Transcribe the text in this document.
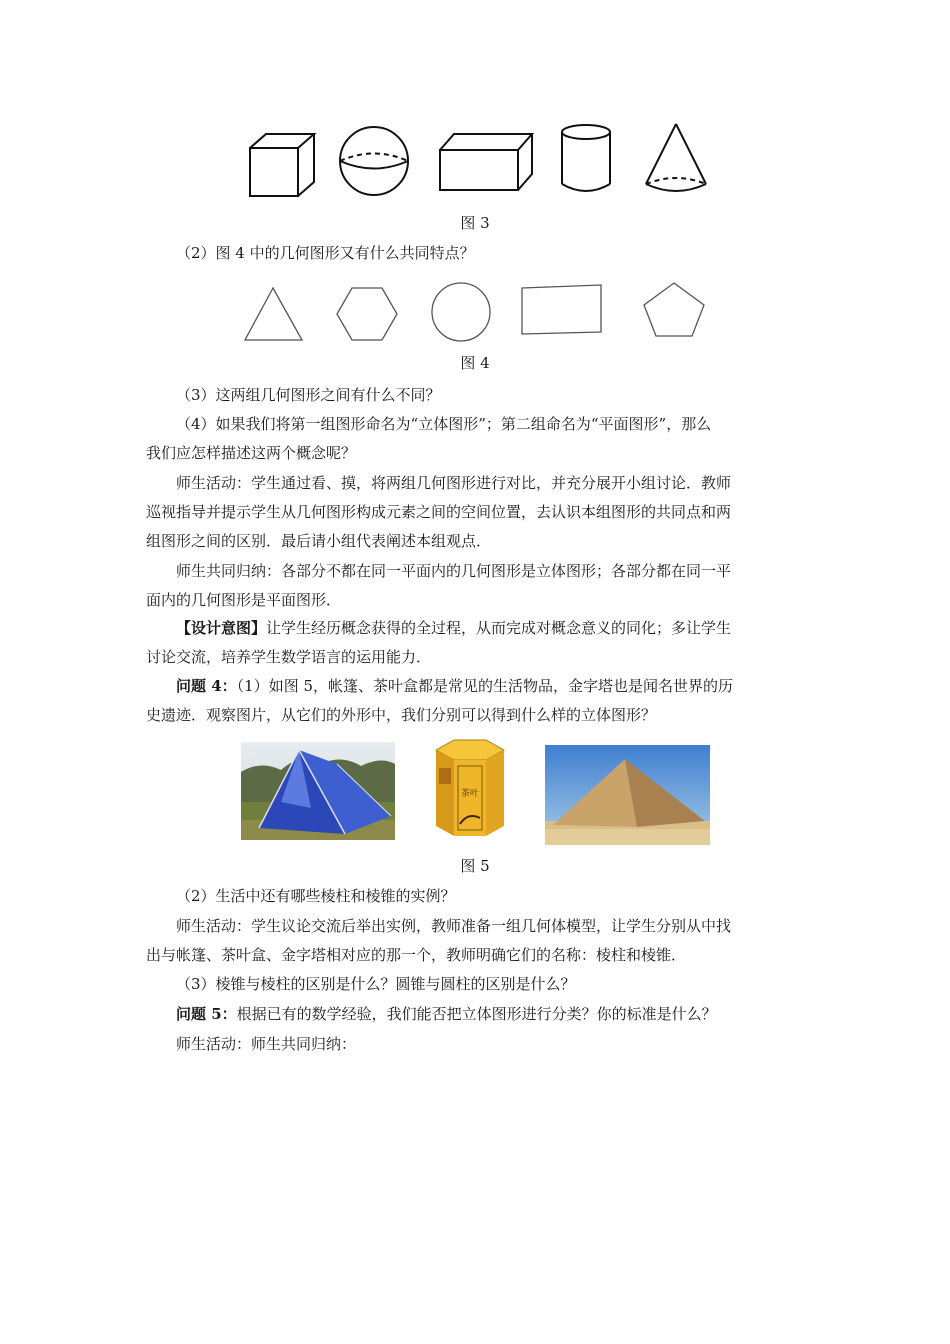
图 3
（2）图 4 中的几何图形又有什么共同特点？
图 4
（3）这两组几何图形之间有什么不同？
（4）如果我们将第一组图形命名为“立体图形”；第二组命名为“平面图形”，那么
我们应怎样描述这两个概念呢？
师生活动：学生通过看、摸，将两组几何图形进行对比，并充分展开小组讨论．教师
巡视指导并提示学生从几何图形构成元素之间的空间位置，去认识本组图形的共同点和两
组图形之间的区别．最后请小组代表阐述本组观点．
师生共同归纳：各部分不都在同一平面内的几何图形是立体图形；各部分都在同一平
面内的几何图形是平面图形．
【设计意图】让学生经历概念获得的全过程，从而完成对概念意义的同化；多让学生
讨论交流，培养学生数学语言的运用能力．
问题 4：（1）如图 5，帐篷、茶叶盒都是常见的生活物品，金字塔也是闻名世界的历
史遗迹．观察图片，从它们的外形中，我们分别可以得到什么样的立体图形？
茶叶
图 5
（2）生活中还有哪些棱柱和棱锥的实例？
师生活动：学生议论交流后举出实例，教师准备一组几何体模型，让学生分别从中找
出与帐篷、茶叶盒、金字塔相对应的那一个，教师明确它们的名称：棱柱和棱锥．
（3）棱锥与棱柱的区别是什么？圆锥与圆柱的区别是什么？
问题 5：根据已有的数学经验，我们能否把立体图形进行分类？你的标准是什么？
师生活动：师生共同归纳：
